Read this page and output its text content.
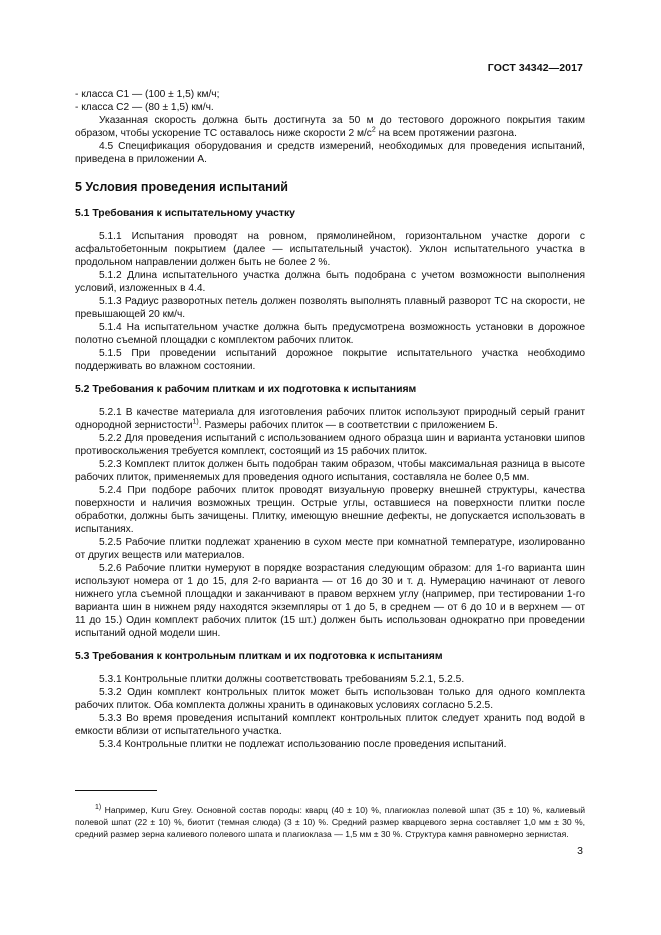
ГОСТ 34342—2017

- класса С1 — (100 ± 1,5) км/ч;

- класса С2 — (80 ± 1,5) км/ч.

Указанная скорость должна быть достигнута за 50 м до тестового дорожного покрытия таким образом, чтобы ускорение ТС оставалось ниже скорости 2 $м/с^2$ на всем протяжении разгона.

4.5 Спецификация оборудования и средств измерений, необходимых для проведения испытаний, приведена в приложении А.

5 Условия проведения испытаний
5.1 Требования к испытательному участку

5.1.1 Испытания проводят на ровном, прямолинейном, горизонтальном участке дороги с асфальтобетонным покрытием (далее — испытательный участок). Уклон испытательного участка в продольном направлении должен быть не более 2 %.

5.1.2 Длина испытательного участка должна быть подобрана с учетом возможности выполнения условий, изложенных в 4.4.

5.1.3 Радиус разворотных петель должен позволять выполнять плавный разворот ТС на скорости, не превышающей 20 км/ч.

5.1.4 На испытательном участке должна быть предусмотрена возможность установки в дорожное полотно съемной площадки с комплектом рабочих плиток.

5.1.5 При проведении испытаний дорожное покрытие испытательного участка необходимо поддерживать во влажном состоянии.

5.2 Требования к рабочим плиткам и их подготовка к испытаниям

5.2.1 В качестве материала для изготовления рабочих плиток используют природный серый гранит однородной зернистости$^{1)}$. Размеры рабочих плиток — в соответствии с приложением Б.

5.2.2 Для проведения испытаний с использованием одного образца шин и варианта установки шипов противоскольжения требуется комплект, состоящий из 15 рабочих плиток.

5.2.3 Комплект плиток должен быть подобран таким образом, чтобы максимальная разница в высоте рабочих плиток, применяемых для проведения одного испытания, составляла не более 0,5 мм.

5.2.4 При подборе рабочих плиток проводят визуальную проверку внешней структуры, качества поверхности и наличия возможных трещин. Острые углы, оставшиеся на поверхности плитки после обработки, должны быть зачищены. Плитку, имеющую внешние дефекты, не допускается использовать в испытаниях.

5.2.5 Рабочие плитки подлежат хранению в сухом месте при комнатной температуре, изолированно от других веществ или материалов.

5.2.6 Рабочие плитки нумеруют в порядке возрастания следующим образом: для 1-го варианта шин используют номера от 1 до 15, для 2-го варианта — от 16 до 30 и т. д. Нумерацию начинают от левого нижнего угла съемной площадки и заканчивают в правом верхнем углу (например, при тестировании 1-го варианта шин в нижнем ряду находятся экземпляры от 1 до 5, в среднем — от 6 до 10 и в верхнем — от 11 до 15.) Один комплект рабочих плиток (15 шт.) должен быть использован однократно при проведении испытаний одной модели шин.

5.3 Требования к контрольным плиткам и их подготовка к испытаниям

5.3.1 Контрольные плитки должны соответствовать требованиям 5.2.1, 5.2.5.

5.3.2 Один комплект контрольных плиток может быть использован только для одного комплекта рабочих плиток. Оба комплекта должны хранить в одинаковых условиях согласно 5.2.5.

5.3.3 Во время проведения испытаний комплект контрольных плиток следует хранить под водой в емкости вблизи от испытательного участка.

5.3.4 Контрольные плитки не подлежат использованию после проведения испытаний.

$^{1)}$ Например, Kuru Grey. Основной состав породы: кварц (40 ± 10) %, плагиоклаз полевой шпат (35 ± 10) %, калиевый полевой шпат (22 ± 10) %, биотит (темная слюда) (3 ± 10) %. Средний размер кварцевого зерна составляет 1,0 мм ± 30 %, средний размер зерна калиевого полевого шпата и плагиоклаза — 1,5 мм ± 30 %. Структура камня равномерно зернистая.

3
